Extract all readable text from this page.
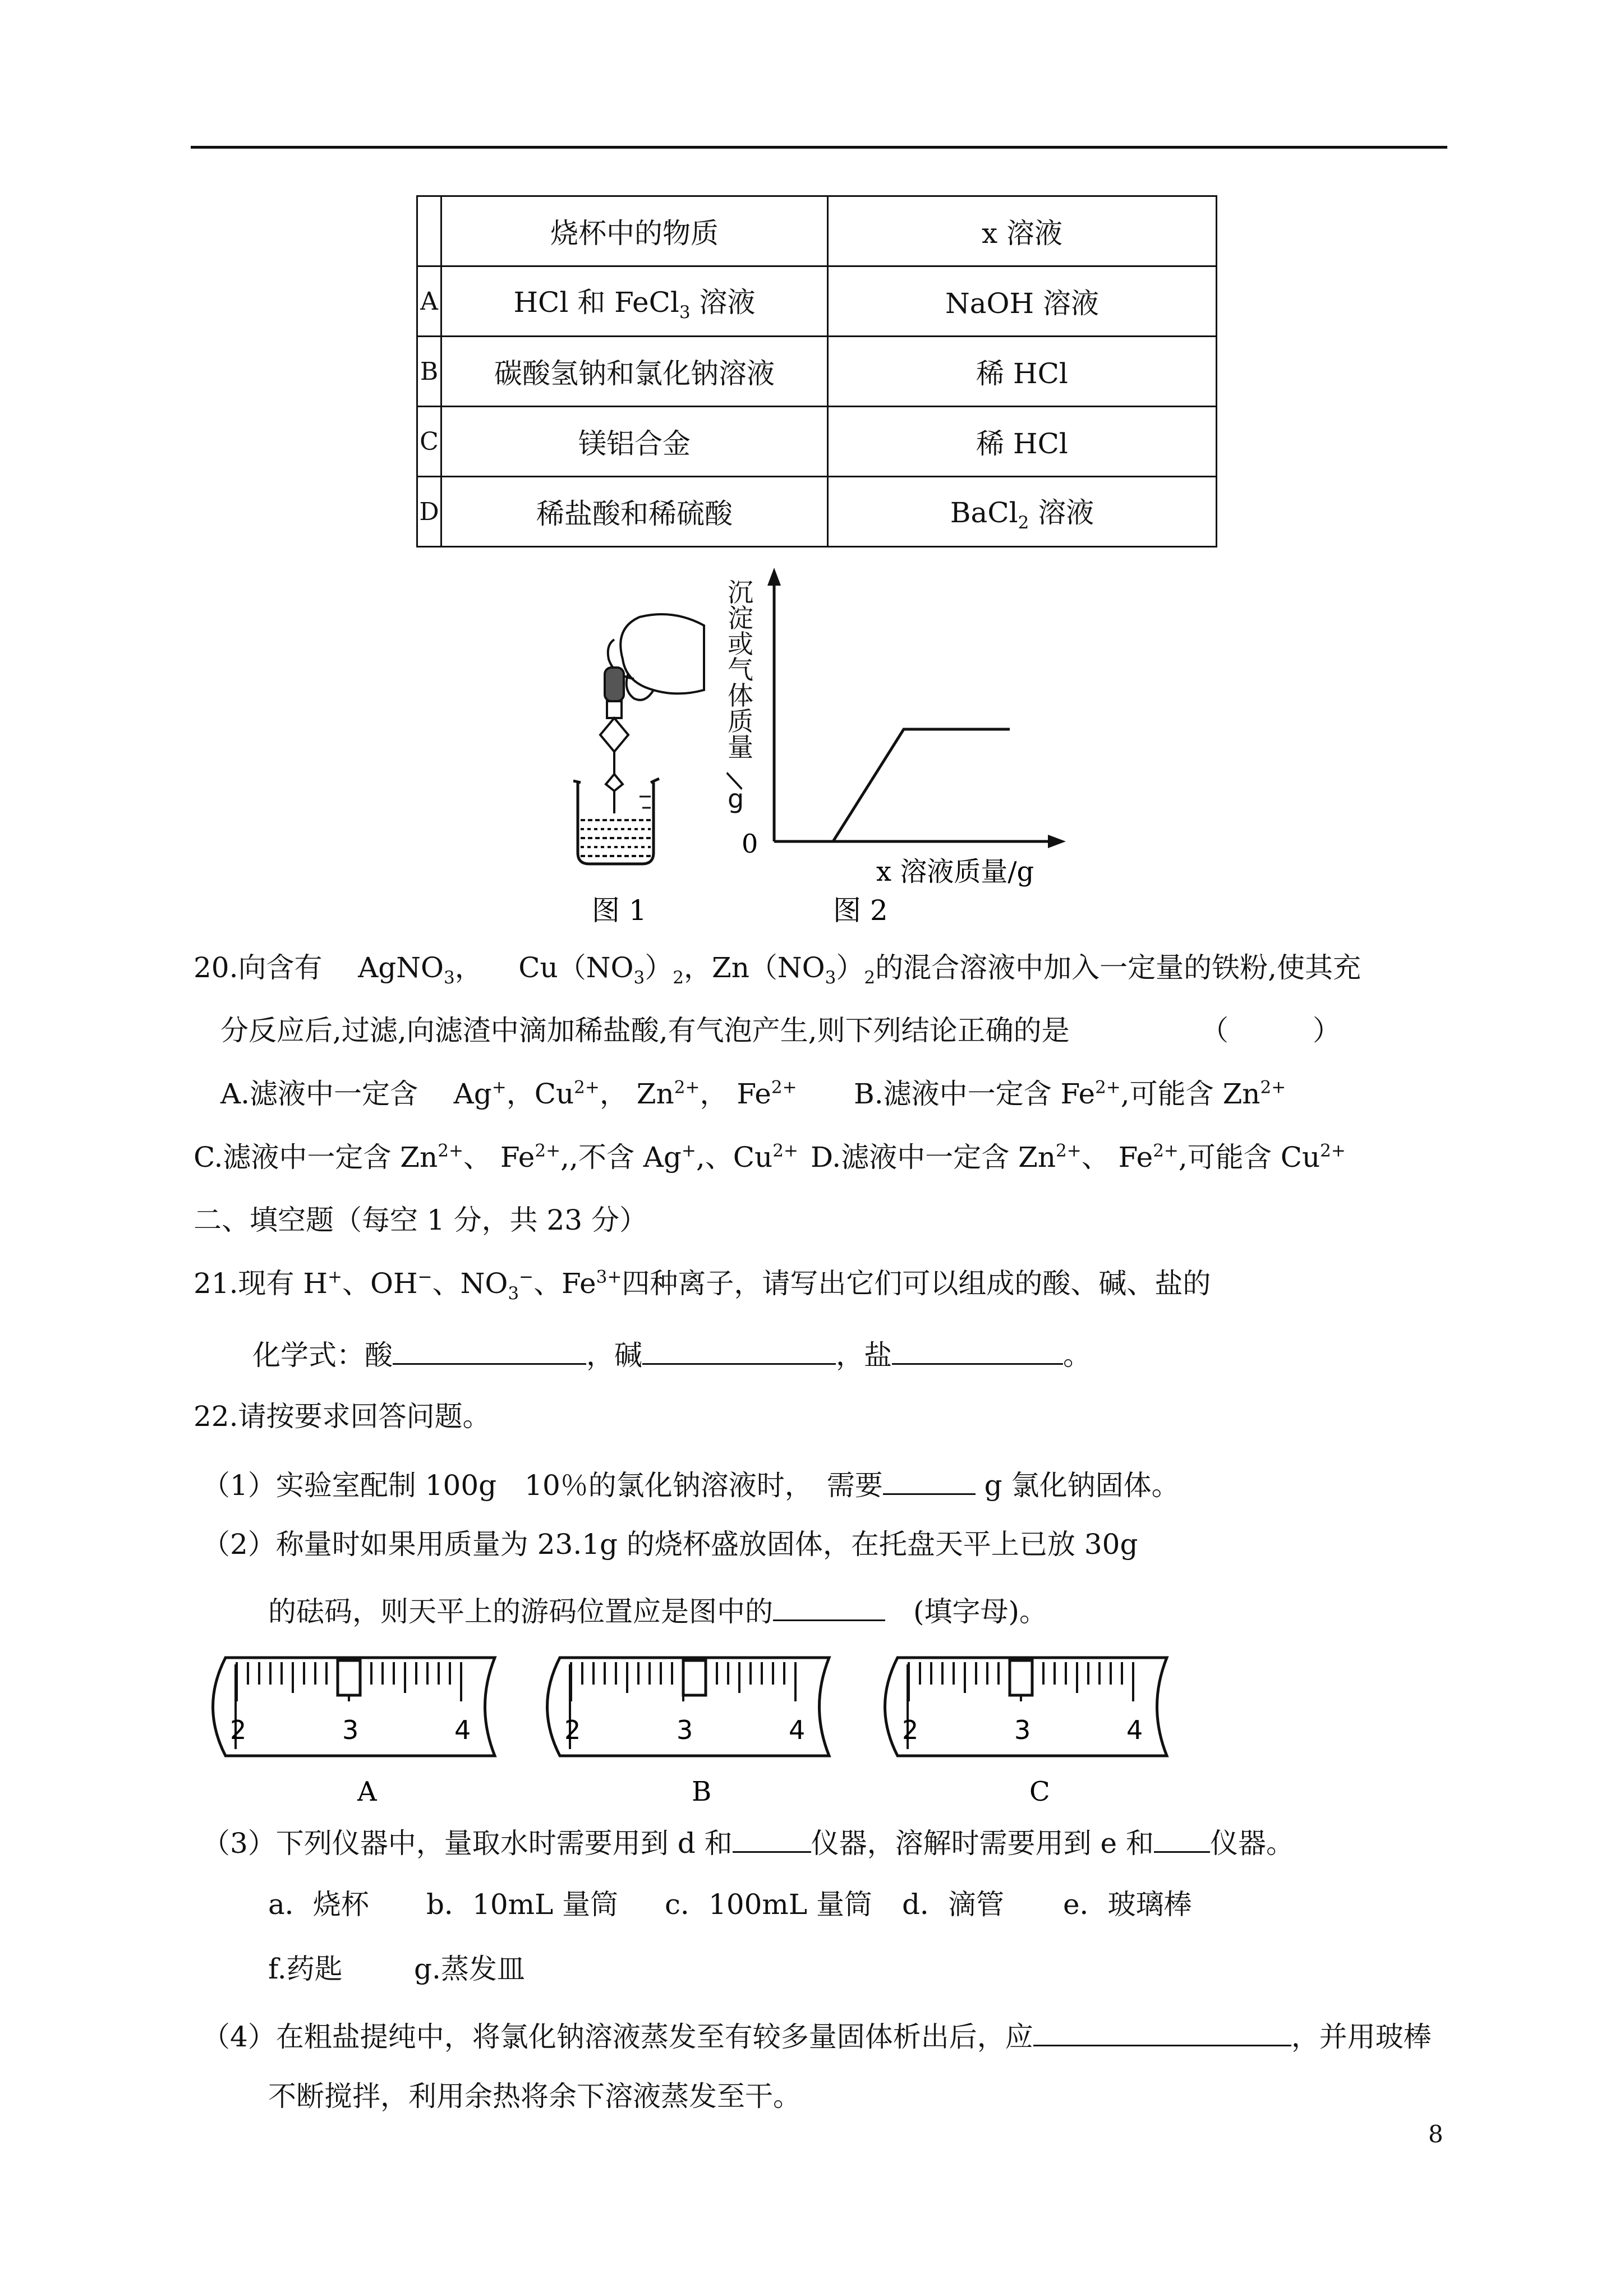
	烧杯中的物质	x 溶液
A	HCl 和 FeCl$_3$ 溶液	NaOH 溶液
B	碳酸氢钠和氯化钠溶液	稀 HCl
C	镁铝合金	稀 HCl
D	稀盐酸和稀硫酸	BaCl$_2$ 溶液
沉
淀
或
气
体
质
量
/
g
0
x 溶液质量/g
图 1	图 2
20.向含有 AgNO$_3$， $Cu(NO_3)_2$，$Zn(NO_3)_2$的混合溶液中加入一定量的铁粉,使其充
分反应后,过滤,向滤渣中滴加稀盐酸,有气泡产生,则下列结论正确的是	（　　　）
A.滤液中一定含 Ag+，$Cu^{2+}$， $Zn^{2+}$， $Fe^{2+}$ B.滤液中一定含 $Fe^{2+}$,可能含 $Zn^{2+}$
C.滤液中一定含 $Zn^{2+}$、 $Fe^{2+}$,,不含 Ag+,、$Cu^{2+}$ D.滤液中一定含 $Zn^{2+}$、 $Fe^{2+}$,可能含 $Cu^{2+}$
二、填空题（每空 1 分，共 23 分）
21.现有 H+、OH−、$NO_3^-$、$Fe^{3+}$四种离子，请写出它们可以组成的酸、碱、盐的
化学式：酸	，碱	，盐	。
22.请按要求回答问题。
（1）实验室配制 100g　10％的氯化钠溶液时，　需要	g 氯化钠固体。
（2）称量时如果用质量为 23.1g 的烧杯盛放固体，在托盘天平上已放 30g
的砝码，则天平上的游码位置应是图中的	　(填字母)。
2	3	4
A
2	3	4
B
2	3	4
C
（3）下列仪器中，量取水时需要用到 d 和	仪器，溶解时需要用到 e 和 仪器。
a．烧杯 b．10mL 量筒 c．100mL 量筒 d．滴管 e．玻璃棒
f.药匙	g.蒸发皿
（4）在粗盐提纯中，将氯化钠溶液蒸发至有较多量固体析出后，应	，并用玻棒
不断搅拌，利用余热将余下溶液蒸发至干。
8
